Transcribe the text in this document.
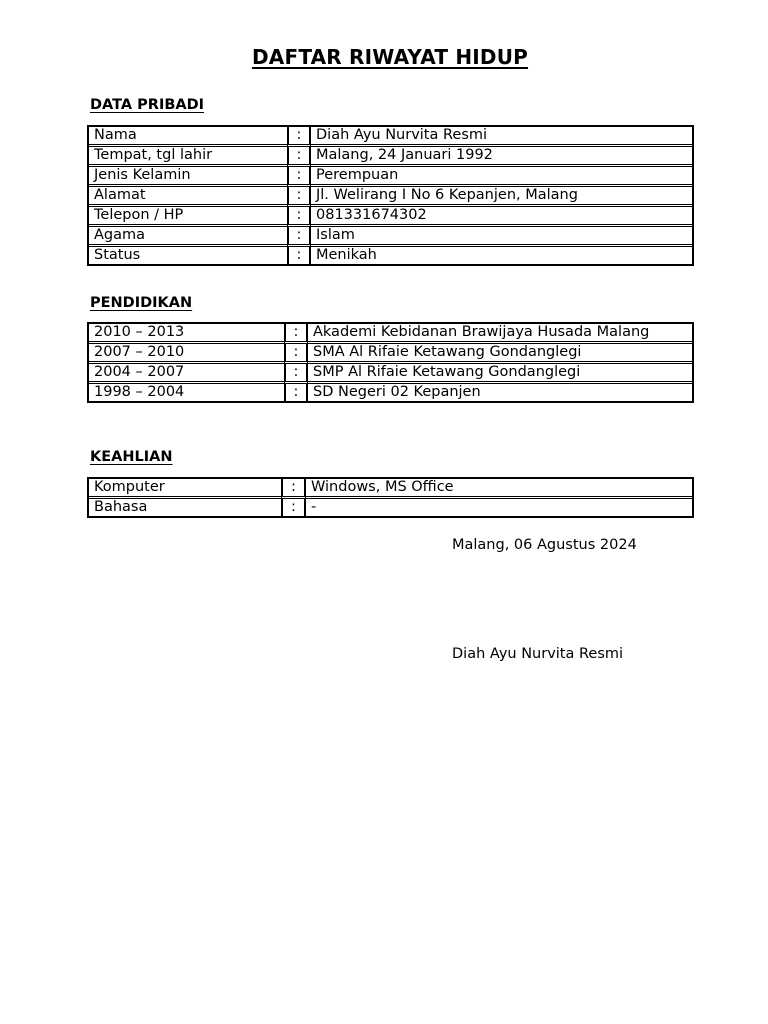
DAFTAR RIWAYAT HIDUP
DATA PRIBADI
Nama	:	Diah Ayu Nurvita Resmi
Tempat, tgl lahir	:	Malang, 24 Januari 1992
Jenis Kelamin	:	Perempuan
Alamat	:	Jl. Welirang I No 6 Kepanjen, Malang
Telepon / HP	:	081331674302
Agama	:	Islam
Status	:	Menikah
PENDIDIKAN
2010 – 2013	:	Akademi Kebidanan Brawijaya Husada Malang
2007 – 2010	:	SMA Al Rifaie Ketawang Gondanglegi
2004 – 2007	:	SMP Al Rifaie Ketawang Gondanglegi
1998 – 2004	:	SD Negeri 02 Kepanjen
KEAHLIAN
Komputer	:	Windows, MS Office
Bahasa	:	-
Malang, 06 Agustus 2024
Diah Ayu Nurvita Resmi
